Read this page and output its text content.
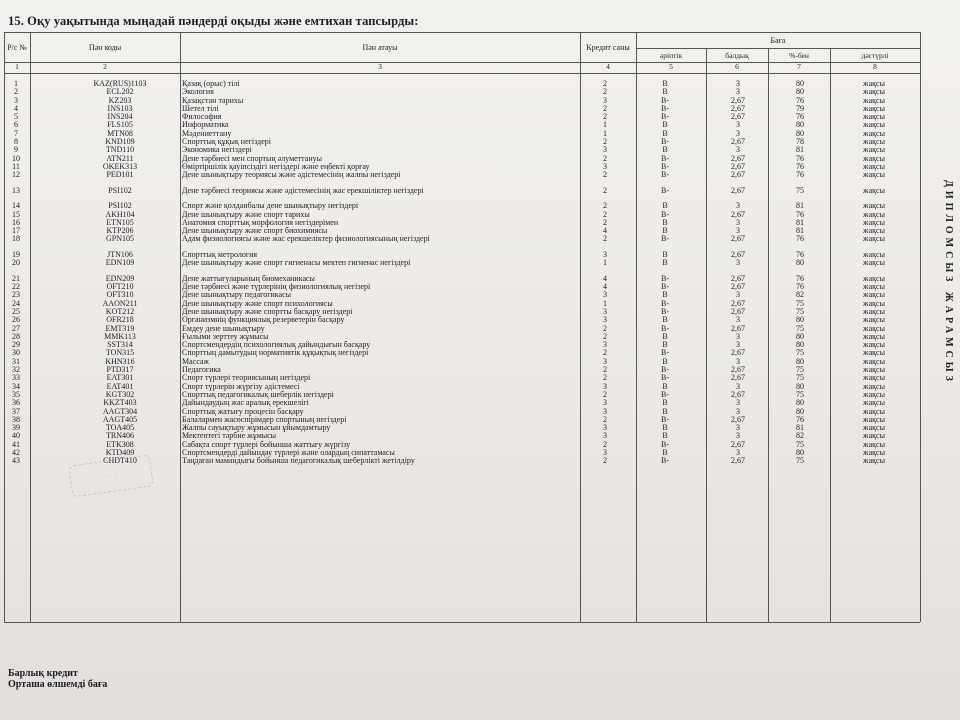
15. Оқу уақытында мыңадай пәндерді оқыды және емтихан тапсырды:
Р/с №	Пән коды	Пән атауы	Кредит саны
Баға
әріптік	балдық	%-бен	дәстүрлі
1	2	3	4	5	6	7	8
1	KAZ(RUS)1103	Қазақ (орыс) тілі	2	B	3	80	жақсы
2	ECL202	Экология	2	B	3	80	жақсы
3	KZ203	Қазақстан тарихы	3	B-	2,67	76	жақсы
4	INS103	Шетел тілі	2	B-	2,67	79	жақсы
5	INS204	Философия	2	B-	2,67	76	жақсы
6	FLS105	Информатика	1	B	3	80	жақсы
7	MTN08	Мәдениеттану	1	B	3	80	жақсы
8	KND109	Спорттық құқық негіздері	2	B-	2,67	78	жақсы
9	TND110	Экономика негіздері	3	B	3	81	жақсы
10	ATN211	Дене тәрбиесі мен спортың әлуметтануы	2	B-	2,67	76	жақсы
11	OKEK313	Өміртіршілік қауіпсіздігі негіздері және еңбекті қорғау	3	B-	2,67	76	жақсы
12	PED101	Дене шынықтыру теориясы және әдістемесінің жалпы негіздері	2	B-	2,67	76	жақсы
13	PSI102	Дене тәрбиесі теориясы және әдістемесінің жас ерекшіліктер негіздері	2	B-	2,67	75	жақсы
14	PSI102	Спорт және қолданбалы дене шынықтыру негіздері	2	B	3	81	жақсы
15	AKH104	Дене шынықтыру және спорт тарихы	2	B-	2,67	76	жақсы
16	ETN105	Анатомия спорттық морфология негіздерімен	2	B	3	81	жақсы
17	KTP206	Дене шынықтыру және спорт биохимиясы	4	B	3	81	жақсы
18	GPN105	Адам физиологиясы және жас ерекшеліктер физиологиясының негіздері	2	B-	2,67	76	жақсы
19	JTN106	Спорттық метрология	3	B	2,67	76	жақсы
20	EDN109	Дене шынықтыру және спорт гигиенасы мектеп гигиенас негіздері	1	B	3	80	жақсы
21	EDN209	Дене жаттығуларының биомеханикасы	4	B-	2,67	76	жақсы
22	OFT210	Дене тәрбиесі және түрлерінің физиологиялық негізері	4	B-	2,67	76	жақсы
23	OFT310	Дене шынықтыру педагогикасы	3	B	3	82	жақсы
24	AAON211	Дене шынықтыру және спорт психологиясы	1	B-	2,67	75	жақсы
25	KOT212	Дене шынықтыру және спортты басқару негіздері	3	B-	2,67	75	жақсы
26	OFR218	Организмнің функциялық резерветерін басқару	3	B	3	80	жақсы
27	EMT319	Емдеу дене шынықтыру	2	B-	2,67	75	жақсы
28	MMK113	Ғылыми зерттеу жұмысы	2	B	3	80	жақсы
29	SST314	Спортсмендердің психологиялық дайындығын басқару	3	B	3	80	жақсы
30	TON315	Спорттың дамытудың нормативтік құқықтық негіздері	2	B-	2,67	75	жақсы
31	KHN316	Массаж	3	B	3	80	жақсы
32	PTD317	Педагогика	2	B-	2,67	75	жақсы
33	EAT301	Спорт түрлері теориясының негіздері	2	B-	2,67	75	жақсы
34	EAT401	Спорт түрлерін жүргізу әдістемесі	3	B	3	80	жақсы
35	KGT302	Спорттық педагогикалық шеберлік негіздері	2	B-	2,67	75	жақсы
36	KKZT403	Дайындаудың жас аралық ерекшелігі	3	B	3	80	жақсы
37	AAGT304	Спорттық жатығу процесін басқару	3	B	3	80	жақсы
38	AAGT405	Балалармен жасөспірімдер спортының негіздері	2	B-	2,67	76	жақсы
39	TOA405	Жалпы сауықтыру жұмысын ұйымдамтыру	3	B	3	81	жақсы
40	TRN406	Мектептегі тәрбие жұмысы	3	B	3	82	жақсы
41	ETK308	Сабақта спорт түрлері бойынша жаттығу жүргізу	2	B-	2,67	75	жақсы
42	KTD409	Спортсмендерді дайындау түрлері және олардың сипаттамасы	3	B	3	80	жақсы
43	CHDT410	Таңдаған мамандығы бойынша педагогикалық шеберлікті жетілдіру	2	B-	2,67	75	жақсы
· · ·
Барлық кредит
Орташа өлшемді баға
ДИПЛОМСЫЗ ЖАРАМСЫЗ
